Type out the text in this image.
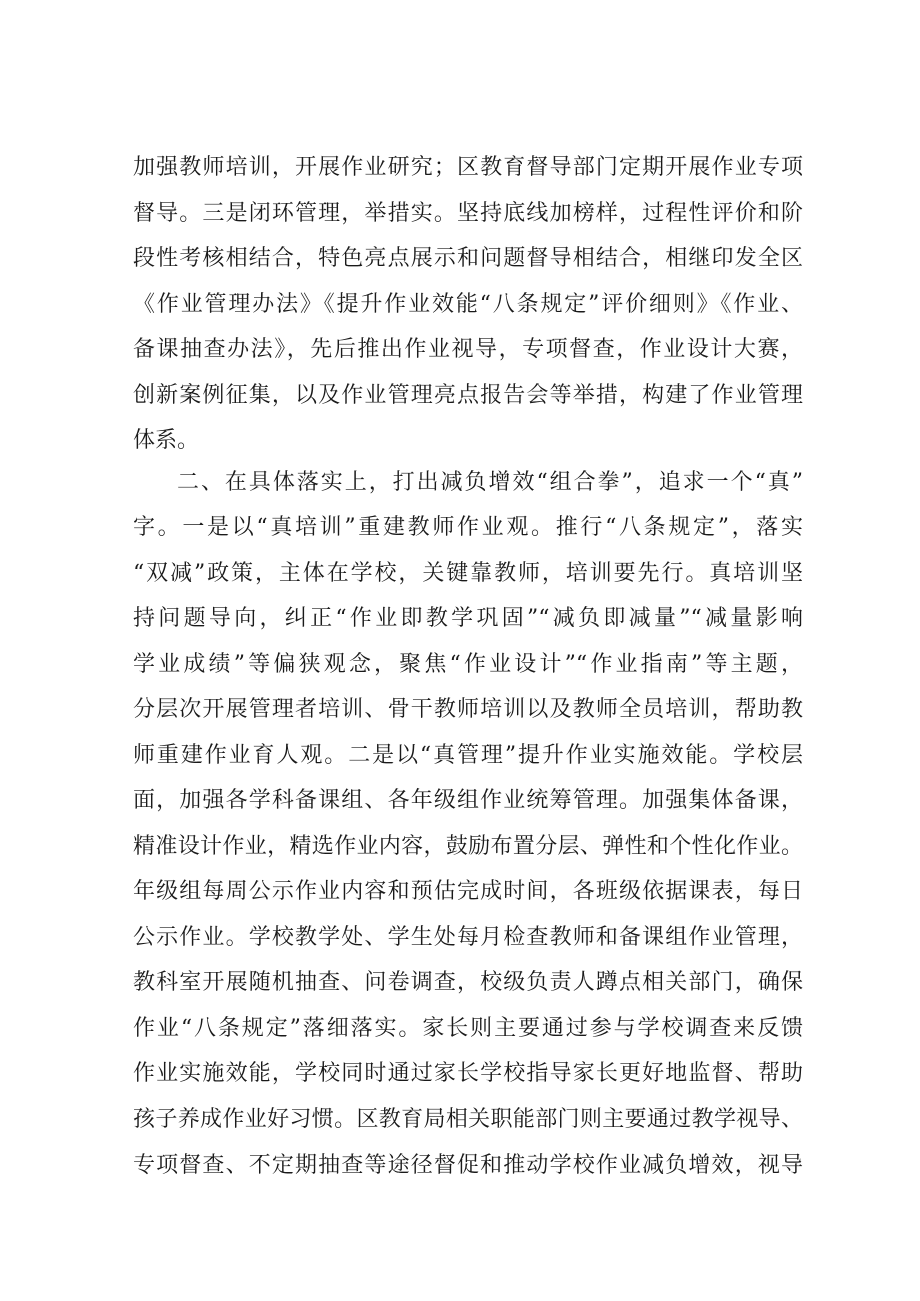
加强教师培训，开展作业研究；区教育督导部门定期开展作业专项
督导。三是闭环管理，举措实。坚持底线加榜样，过程性评价和阶
段性考核相结合，特色亮点展示和问题督导相结合，相继印发全区
《作业管理办法》《提升作业效能“八条规定”评价细则》《作业、
备课抽查办法》，先后推出作业视导，专项督查，作业设计大赛，
创新案例征集，以及作业管理亮点报告会等举措，构建了作业管理
体系。
二、在具体落实上，打出减负增效“组合拳”，追求一个“真”
字。一是以“真培训”重建教师作业观。推行“八条规定”，落实
“双减”政策，主体在学校，关键靠教师，培训要先行。真培训坚
持问题导向，纠正“作业即教学巩固”“减负即减量”“减量影响
学业成绩”等偏狭观念，聚焦“作业设计”“作业指南”等主题，
分层次开展管理者培训、骨干教师培训以及教师全员培训，帮助教
师重建作业育人观。二是以“真管理”提升作业实施效能。学校层
面，加强各学科备课组、各年级组作业统筹管理。加强集体备课，
精准设计作业，精选作业内容，鼓励布置分层、弹性和个性化作业。
年级组每周公示作业内容和预估完成时间，各班级依据课表，每日
公示作业。学校教学处、学生处每月检查教师和备课组作业管理，
教科室开展随机抽查、问卷调查，校级负责人蹲点相关部门，确保
作业“八条规定”落细落实。家长则主要通过参与学校调查来反馈
作业实施效能，学校同时通过家长学校指导家长更好地监督、帮助
孩子养成作业好习惯。区教育局相关职能部门则主要通过教学视导、
专项督查、不定期抽查等途径督促和推动学校作业减负增效，视导
